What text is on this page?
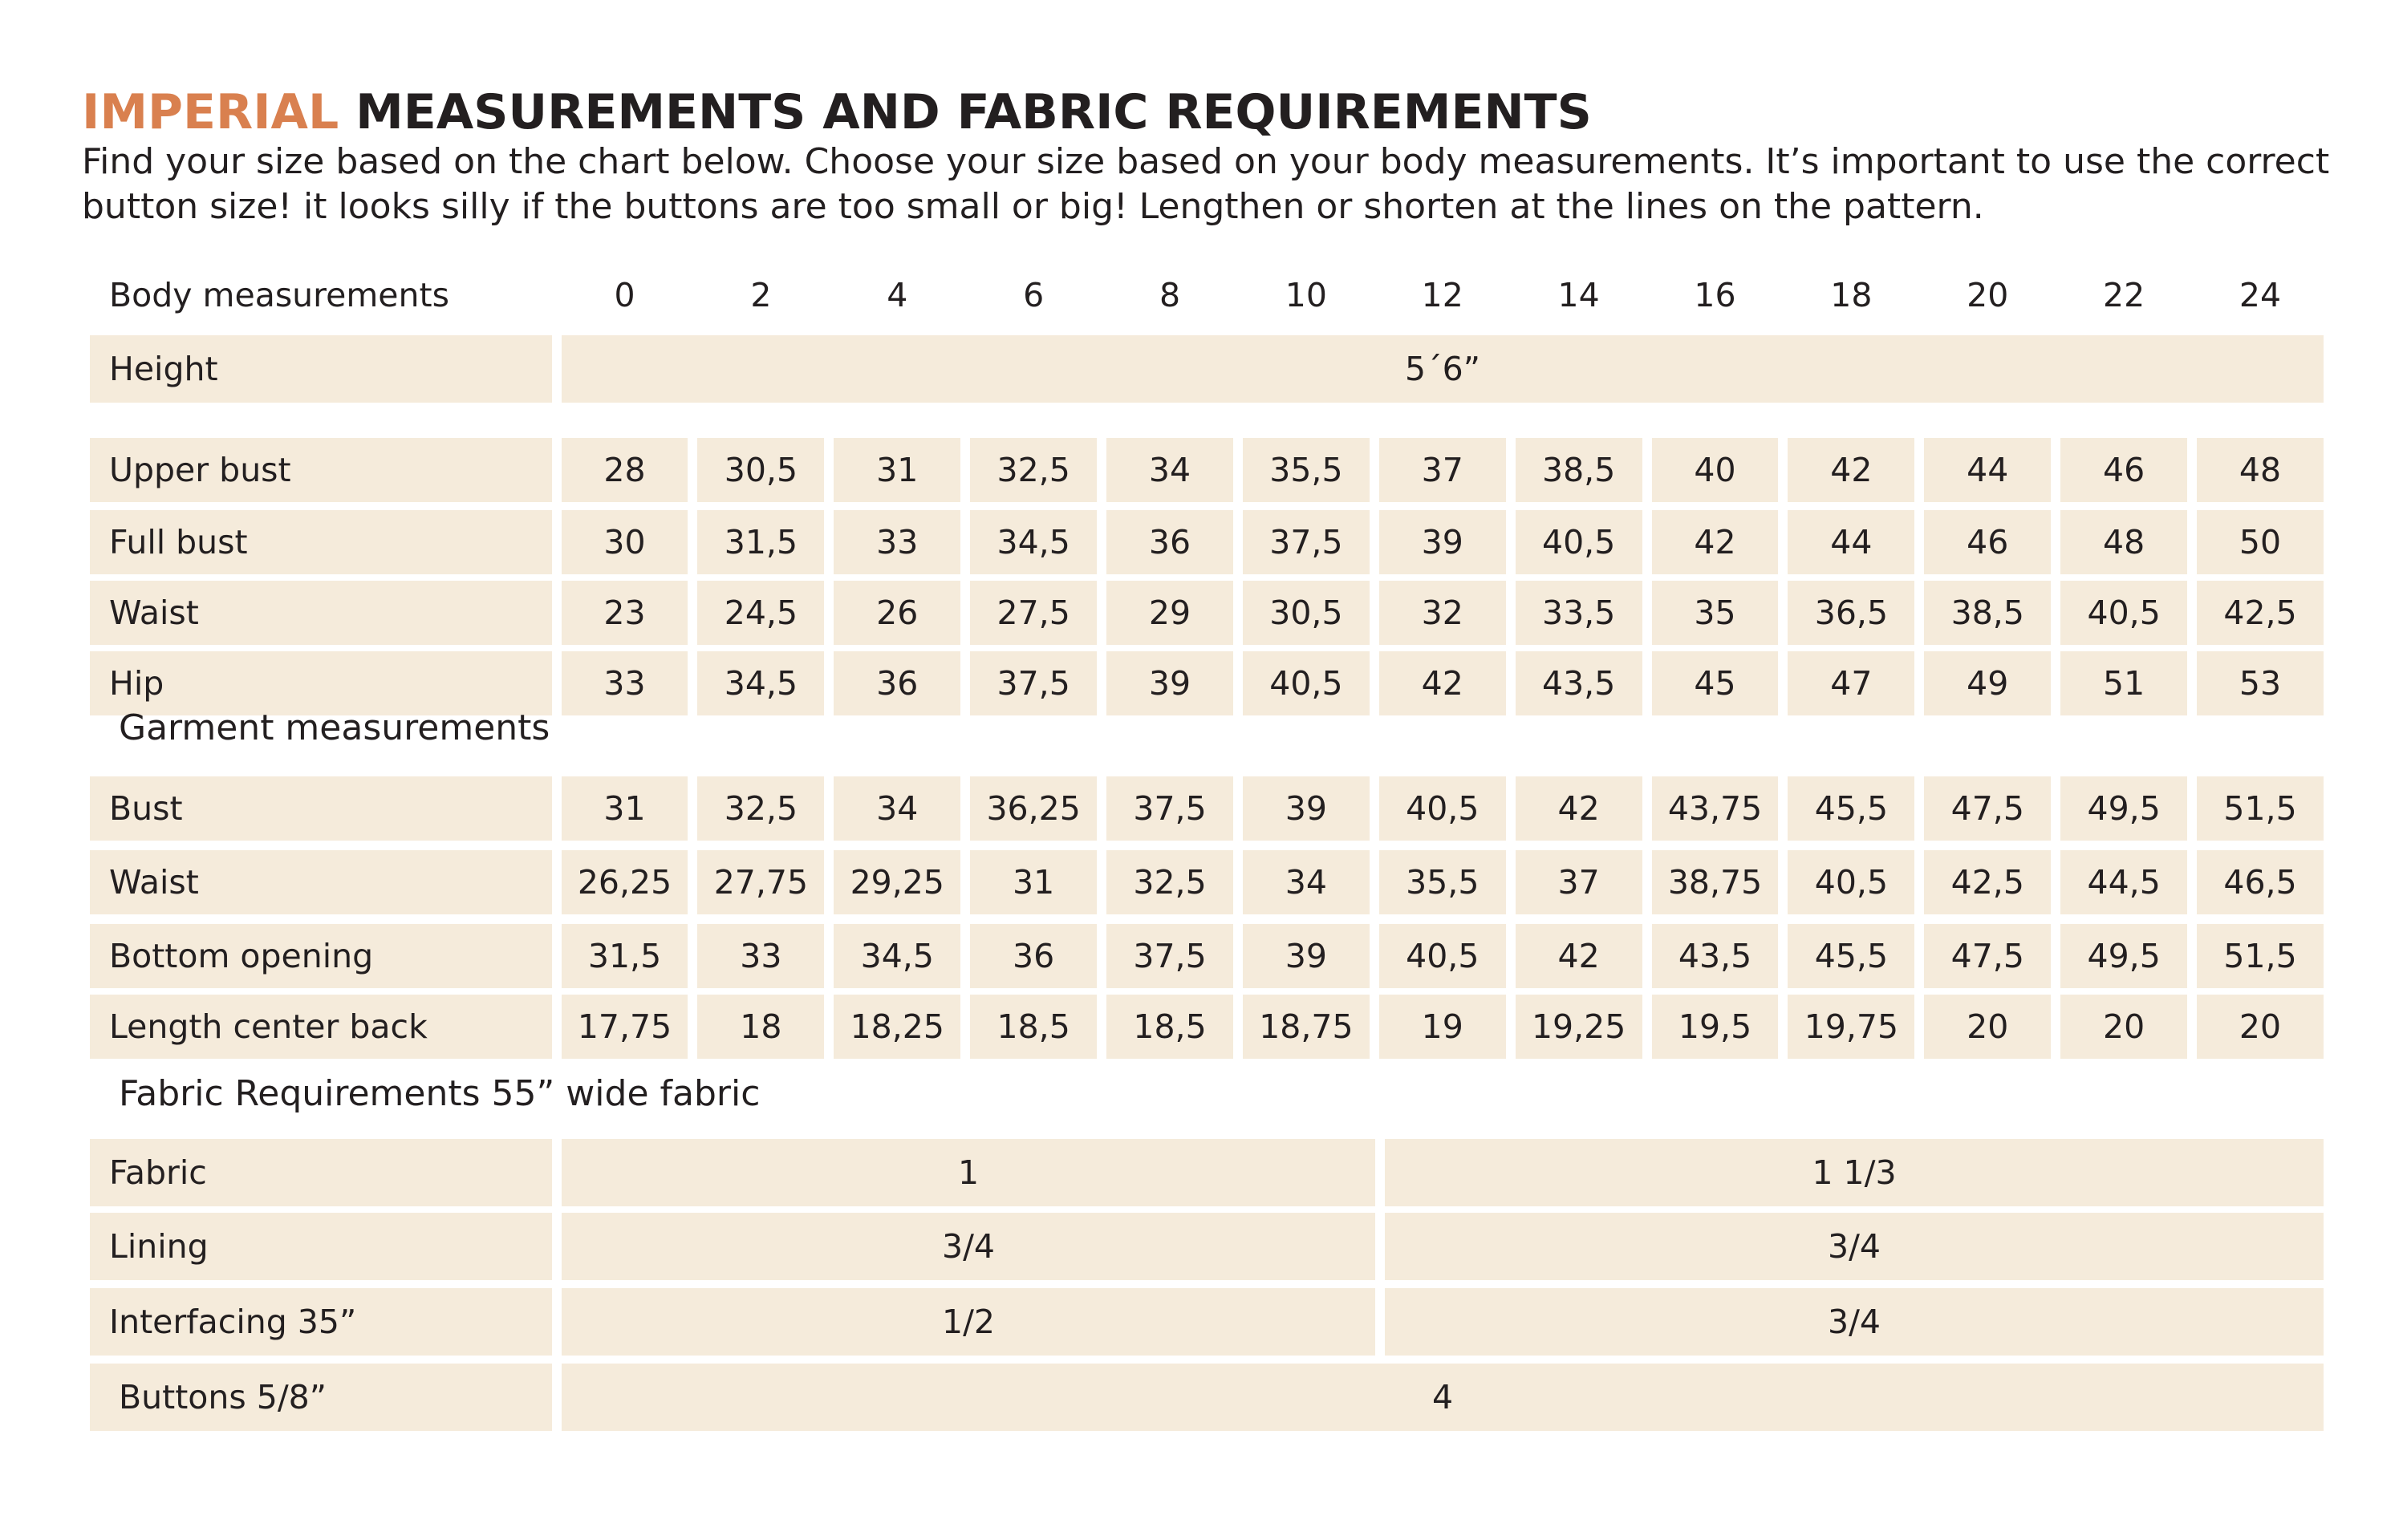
IMPERIAL MEASUREMENTS AND FABRIC REQUIREMENTS

Find your size based on the chart below. Choose your size based on your body measurements. It’s important to use the correct button size! it looks silly if the buttons are too small or big! Lengthen or shorten at the lines on the pattern.

Body measurements	0	2	4	6	8	10	12	14	16	18	20	22	24
Height	5´6”
Upper bust	28	30,5	31	32,5	34	35,5	37	38,5	40	42	44	46	48
Full bust	30	31,5	33	34,5	36	37,5	39	40,5	42	44	46	48	50
Waist	23	24,5	26	27,5	29	30,5	32	33,5	35	36,5	38,5	40,5	42,5
Hip	33	34,5	36	37,5	39	40,5	42	43,5	45	47	49	51	53
Garment measurements
Bust	31	32,5	34	36,25	37,5	39	40,5	42	43,75	45,5	47,5	49,5	51,5
Waist	26,25	27,75	29,25	31	32,5	34	35,5	37	38,75	40,5	42,5	44,5	46,5
Bottom opening	31,5	33	34,5	36	37,5	39	40,5	42	43,5	45,5	47,5	49,5	51,5
Length center back	17,75	18	18,25	18,5	18,5	18,75	19	19,25	19,5	19,75	20	20	20
Fabric Requirements 55” wide fabric
Fabric	1	1 1/3
Lining	3/4	3/4
Interfacing 35”	1/2	3/4
Buttons 5/8”	4
